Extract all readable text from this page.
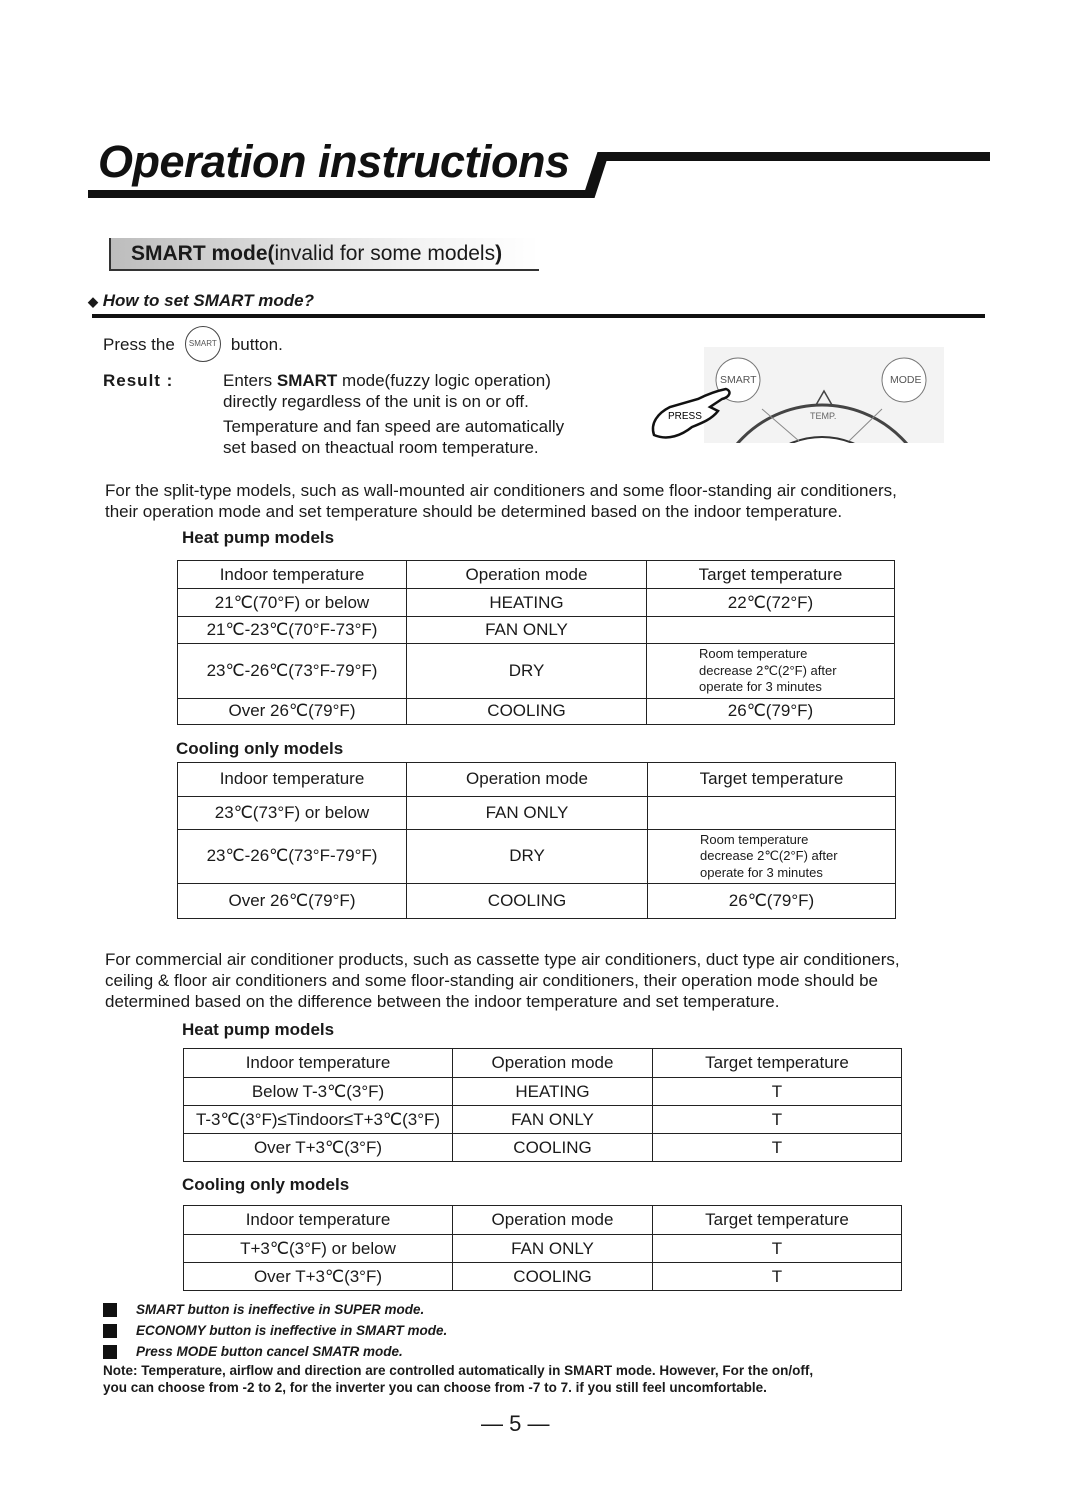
Operation instructions
SMART mode(invalid for some models)
◆ How to set SMART mode?
Press the	SMART button.
Result :	Enters SMART mode(fuzzy logic operation)
directly regardless of the unit is on or off.
Temperature and fan speed are automatically
set based on theactual room temperature.
SMART	MODE
TEMP.
PRESS
For the split-type models, such as wall-mounted air conditioners and some floor-standing air conditioners,
their operation mode and set temperature should be determined based on the indoor temperature.
Heat pump models
Indoor temperature	Operation mode	Target temperature
21℃(70°F) or below	HEATING	22℃(72°F)
21℃-23℃(70°F-73°F)	FAN ONLY	
23℃-26℃(73°F-79°F)	DRY	Room temperature
decrease 2℃(2°F) after
operate for 3 minutes
Over 26℃(79°F)	COOLING	26℃(79°F)
Cooling only models
Indoor temperature	Operation mode	Target temperature
23℃(73°F) or below	FAN ONLY	
23℃-26℃(73°F-79°F)	DRY	Room temperature
decrease 2℃(2°F) after
operate for 3 minutes
Over 26℃(79°F)	COOLING	26℃(79°F)
For commercial air conditioner products, such as cassette type air conditioners, duct type air conditioners,
ceiling & floor air conditioners and some floor-standing air conditioners, their operation mode should be
determined based on the difference between the indoor temperature and set temperature.
Heat pump models
Indoor temperature	Operation mode	Target temperature
Below T-3℃(3°F)	HEATING	T
T-3℃(3°F)≤Tindoor≤T+3℃(3°F)	FAN ONLY	T
Over T+3℃(3°F)	COOLING	T
Cooling only models
Indoor temperature	Operation mode	Target temperature
T+3℃(3°F) or below	FAN ONLY	T
Over T+3℃(3°F)	COOLING	T
SMART button is ineffective in SUPER mode.
ECONOMY button is ineffective in SMART mode.
Press MODE button cancel SMATR mode.
Note: Temperature, airflow and direction are controlled automatically in SMART mode. However, For the on/off,
you can choose from -2 to 2, for the inverter you can choose from -7 to 7. if you still feel uncomfortable.
— 5 —
